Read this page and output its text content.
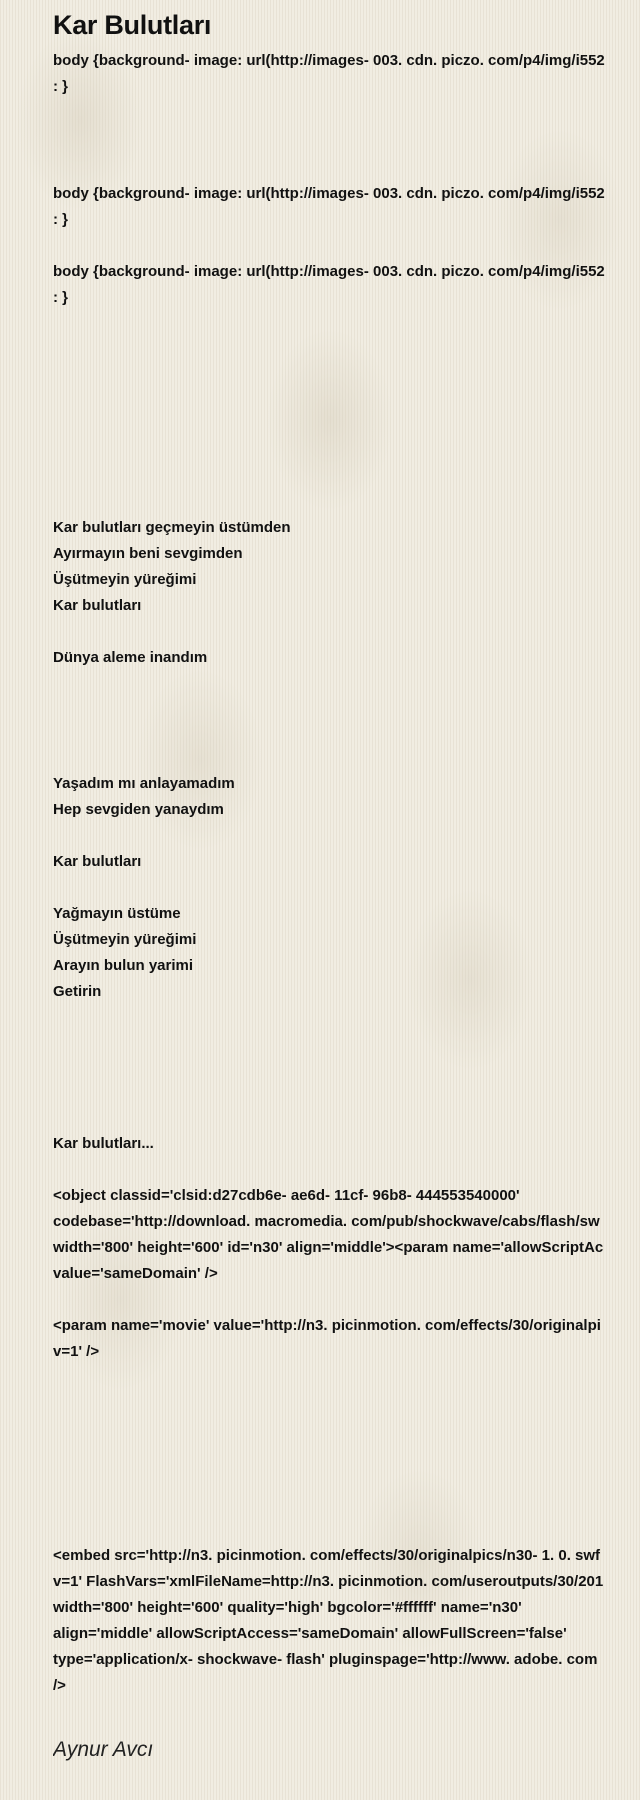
Kar Bulutları
body {background- image: url(http://images- 003. cdn. piczo. com/p4/img/i552
: }
body {background- image: url(http://images- 003. cdn. piczo. com/p4/img/i552
: }
body {background- image: url(http://images- 003. cdn. piczo. com/p4/img/i552
: }
Kar bulutları geçmeyin üstümden
Ayırmayın beni sevgimden
Üşütmeyin yüreğimi
Kar bulutları
Dünya aleme inandım
Yaşadım mı anlayamadım
Hep sevgiden yanaydım
Kar bulutları
Yağmayın üstüme
Üşütmeyin yüreğimi
Arayın bulun yarimi
Getirin
Kar bulutları...
<object classid='clsid:d27cdb6e- ae6d- 11cf- 96b8- 444553540000'
codebase='http://download. macromedia. com/pub/shockwave/cabs/flash/sw
width='800' height='600' id='n30' align='middle'><param name='allowScriptAc
value='sameDomain' />
<param name='movie' value='http://n3. picinmotion. com/effects/30/originalpi
v=1' />
<embed src='http://n3. picinmotion. com/effects/30/originalpics/n30- 1. 0. swf
v=1' FlashVars='xmlFileName=http://n3. picinmotion. com/useroutputs/30/201
width='800' height='600' quality='high' bgcolor='#ffffff' name='n30'
align='middle' allowScriptAccess='sameDomain' allowFullScreen='false'
type='application/x- shockwave- flash' pluginspage='http://www. adobe. com
/>
Aynur Avcı
